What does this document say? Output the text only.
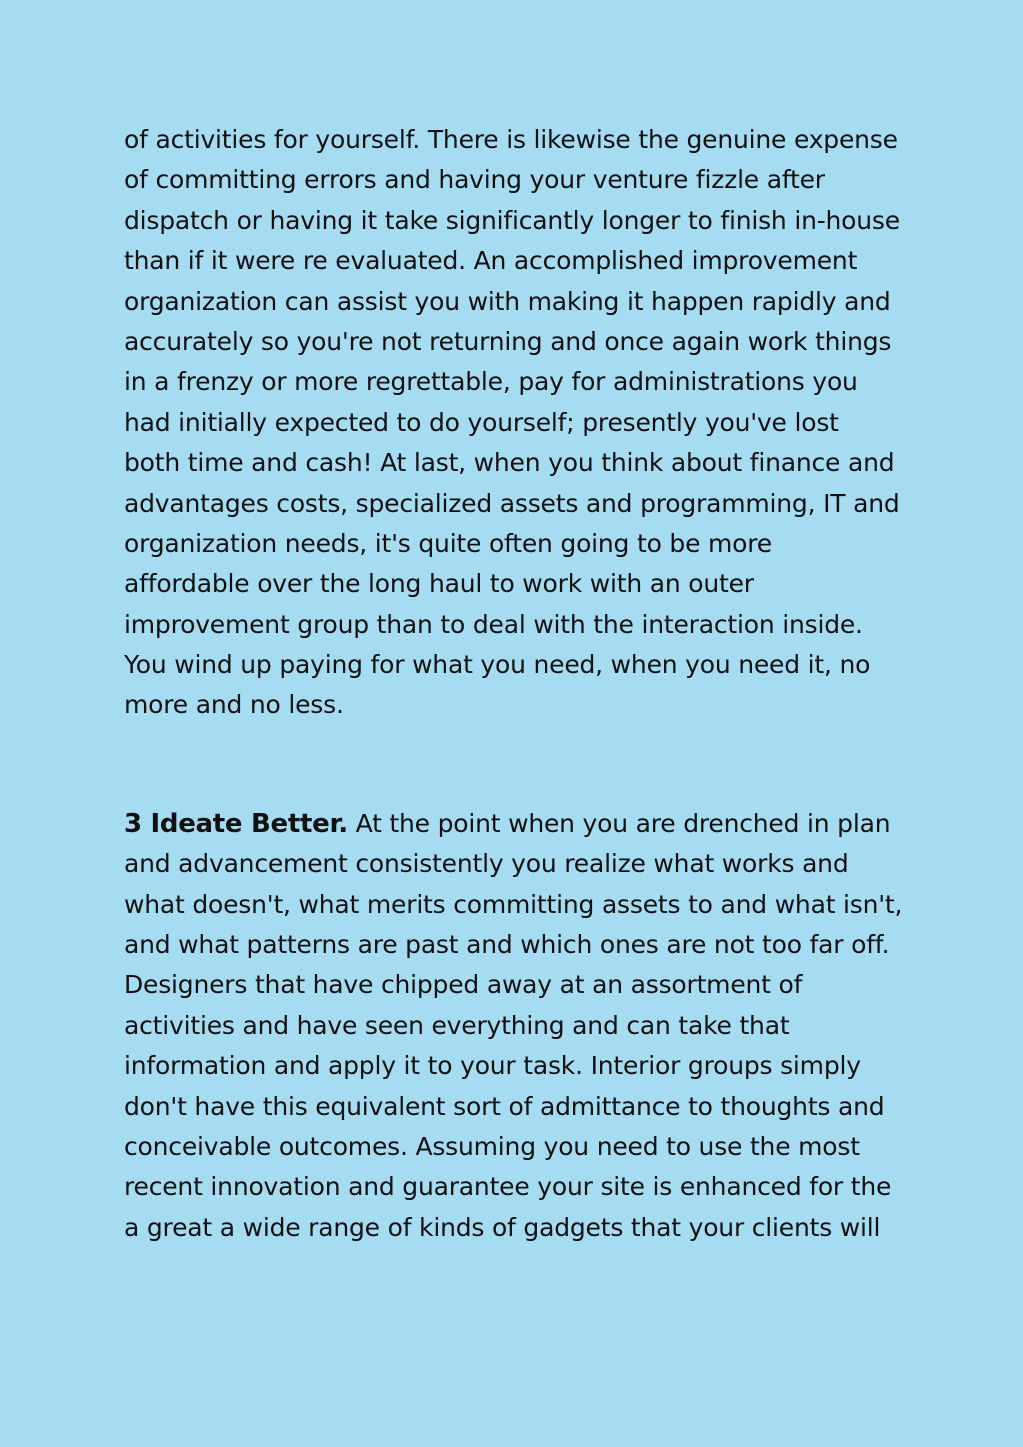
of activities for yourself. There is likewise the genuine expense
of committing errors and having your venture fizzle after
dispatch or having it take significantly longer to finish in-house
than if it were re evaluated. An accomplished improvement
organization can assist you with making it happen rapidly and
accurately so you're not returning and once again work things
in a frenzy or more regrettable, pay for administrations you
had initially expected to do yourself; presently you've lost
both time and cash! At last, when you think about finance and
advantages costs, specialized assets and programming, IT and
organization needs, it's quite often going to be more
affordable over the long haul to work with an outer
improvement group than to deal with the interaction inside.
You wind up paying for what you need, when you need it, no
more and no less.
3 Ideate Better. At the point when you are drenched in plan
and advancement consistently you realize what works and
what doesn't, what merits committing assets to and what isn't,
and what patterns are past and which ones are not too far off.
Designers that have chipped away at an assortment of
activities and have seen everything and can take that
information and apply it to your task. Interior groups simply
don't have this equivalent sort of admittance to thoughts and
conceivable outcomes. Assuming you need to use the most
recent innovation and guarantee your site is enhanced for the
a great a wide range of kinds of gadgets that your clients will
